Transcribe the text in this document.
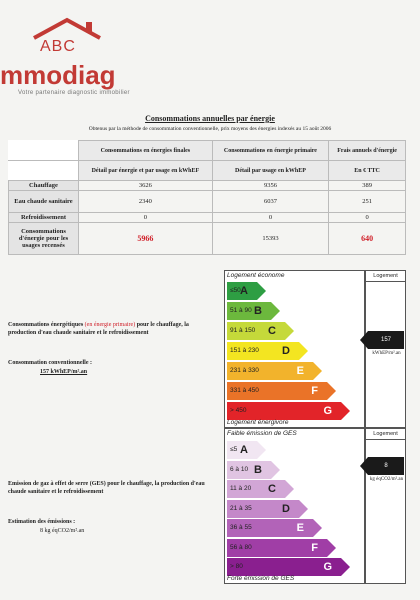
ABC
mmodiag
Votre partenaire diagnostic immobilier
Consommations annuelles par énergie
Obtenus par la méthode de consommation conventionnelle, prix moyens des énergies indexés au 15 août 2006
	Consommations en énergies finales	Consommations en énergie primaire	Frais annuels d'énergie
	Détail par énergie et par usage en kWhEF	Détail par usage en kWhEP	En € TTC
Chauffage	3626	9356	389
Eau chaude sanitaire	2340	6037	251
Refroidissement	0	0	0
Consommations d'énergie pour les usages recensés	5966	15393	640
Logement économe
≤50 A
51 à 90 B
91 à 150 C
151 à 230 D
231 à 330	E
331 à 450	F
> 450	G
Logement énergivore
Logement
157
kWhEP/m².an
Faible émission de GES
≤5 A
6 à 10 B
11 à 20 C
21 à 35	D
36 à 55	E
56 à 80	F
> 80	G
Forte émission de GES
Logement
8
kg éqCO2/m².an
Consommations énergétiques (en énergie primaire) pour le chauffage, la production d'eau chaude sanitaire et le refroidissement
Consommation conventionnelle :
157 kWhEP/m².an
Emission de gaz à effet de serre (GES) pour le chauffage, la production d'eau chaude sanitaire et le refroidissement
Estimation des émissions :
8 kg éqCO2/m².an
